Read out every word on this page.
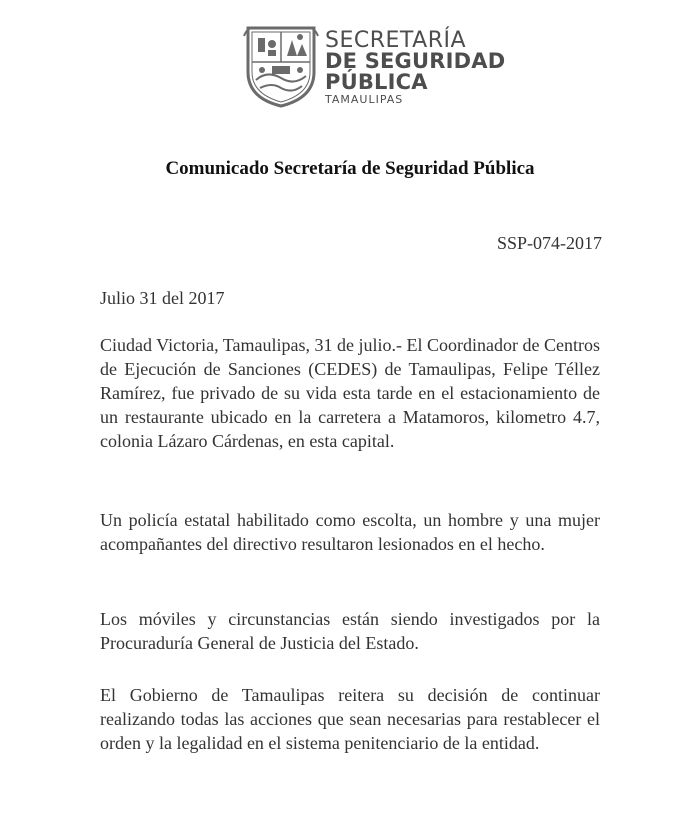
SECRETARÍA
DE SEGURIDAD
PÚBLICA
TAMAULIPAS
Comunicado Secretaría de Seguridad Pública
SSP-074-2017
Julio 31 del 2017

Ciudad Victoria, Tamaulipas, 31 de julio.- El Coordinador de Centros de Ejecución de Sanciones (CEDES) de Tamaulipas, Felipe Téllez Ramírez, fue privado de su vida esta tarde en el estacionamiento de un restaurante ubicado en la carretera a Matamoros, kilometro 4.7, colonia Lázaro Cárdenas, en esta capital.

Un policía estatal habilitado como escolta, un hombre y una mujer acompañantes del directivo resultaron lesionados en el hecho.

Los móviles y circunstancias están siendo investigados por la Procuraduría General de Justicia del Estado.

El Gobierno de Tamaulipas reitera su decisión de continuar realizando todas las acciones que sean necesarias para restablecer el orden y la legalidad en el sistema penitenciario de la entidad.
